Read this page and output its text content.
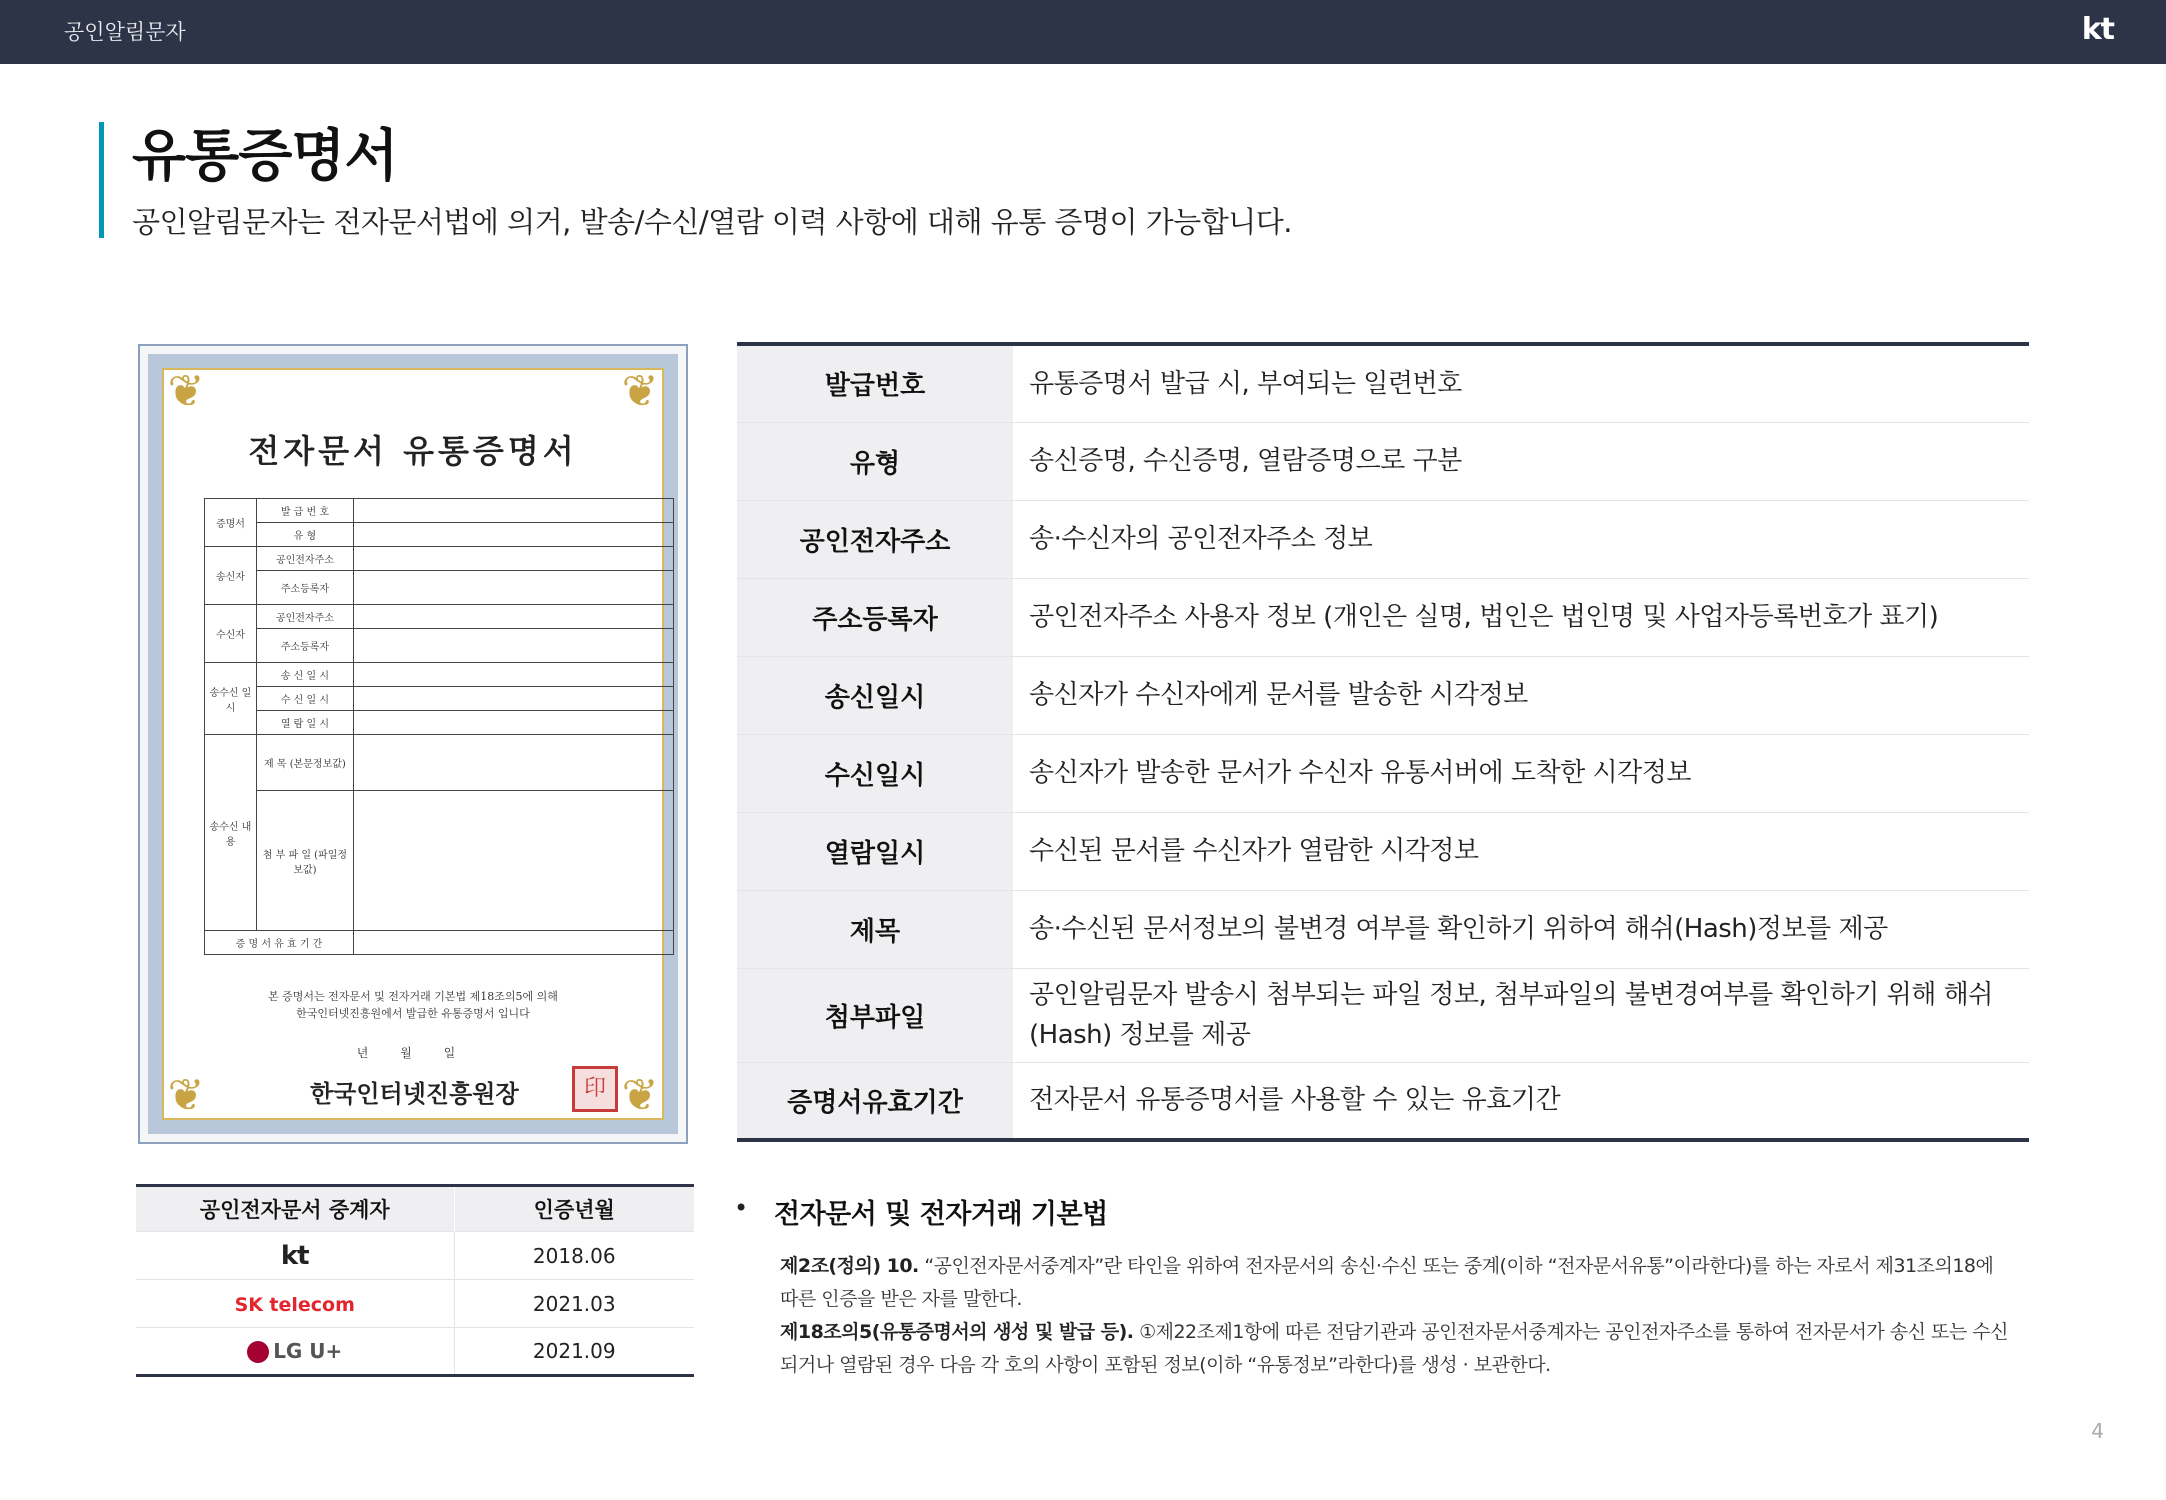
공인알림문자	kt
유통증명서
공인알림문자는 전자문서법에 의거, 발송/수신/열람 이력 사항에 대해 유통 증명이 가능합니다.
❦	❦
❦	❦
전자문서 유통증명서
증명서	발 급 번 호	
	유 형	
송신자	공인전자주소	
	주소등록자	
수신자	공인전자주소	
	주소등록자	
송수신 일시	송 신 일 시	
	수 신 일 시	
	열 람 일 시	
송수신 내용	제 목 (본문정보값)	
	첨 부 파 일 (파일정보값)	
증 명 서 유 효 기 간		
본 증명서는 전자문서 및 전자거래 기본법 제18조의5에 의해
한국인터넷진흥원에서 발급한 유통증명서 입니다
년 월 일
한국인터넷진흥원장	印
발급번호	유통증명서 발급 시, 부여되는 일련번호
유형	송신증명, 수신증명, 열람증명으로 구분
공인전자주소	송·수신자의 공인전자주소 정보
주소등록자	공인전자주소 사용자 정보 (개인은 실명, 법인은 법인명 및 사업자등록번호가 표기)
송신일시	송신자가 수신자에게 문서를 발송한 시각정보
수신일시	송신자가 발송한 문서가 수신자 유통서버에 도착한 시각정보
열람일시	수신된 문서를 수신자가 열람한 시각정보
제목	송·수신된 문서정보의 불변경 여부를 확인하기 위하여 해쉬(Hash)정보를 제공
첨부파일	공인알림문자 발송시 첨부되는 파일 정보, 첨부파일의 불변경여부를 확인하기 위해 해쉬(Hash) 정보를 제공
증명서유효기간	전자문서 유통증명서를 사용할 수 있는 유효기간
공인전자문서 중계자	인증년월
kt	2018.06
SK telecom	2021.03
LG U+	2021.09
• 전자문서 및 전자거래 기본법
제2조(정의) 10. “공인전자문서중계자”란 타인을 위하여 전자문서의 송신·수신 또는 중계(이하 “전자문서유통”이라한다)를 하는 자로서 제31조의18에 따른 인증을 받은 자를 말한다.
제18조의5(유통증명서의 생성 및 발급 등). ①제22조제1항에 따른 전담기관과 공인전자문서중계자는 공인전자주소를 통하여 전자문서가 송신 또는 수신되거나 열람된 경우 다음 각 호의 사항이 포함된 정보(이하 “유통정보”라한다)를 생성 · 보관한다.
4
